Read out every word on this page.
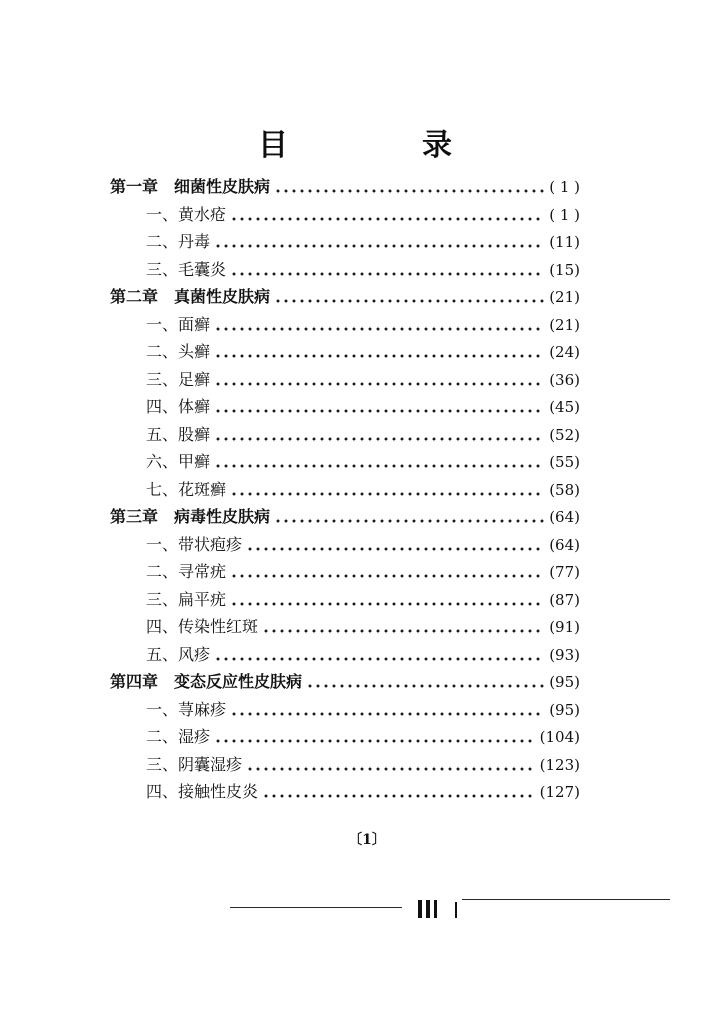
目　录
第一章　细菌性皮肤病	( 1 )
一、黄水疮	( 1 )
二、丹毒	(11)
三、毛囊炎	(15)
第二章　真菌性皮肤病	(21)
一、面癣	(21)
二、头癣	(24)
三、足癣	(36)
四、体癣	(45)
五、股癣	(52)
六、甲癣	(55)
七、花斑癣	(58)
第三章　病毒性皮肤病	(64)
一、带状疱疹	(64)
二、寻常疣	(77)
三、扁平疣	(87)
四、传染性红斑	(91)
五、风疹	(93)
第四章　变态反应性皮肤病	(95)
一、荨麻疹	(95)
二、湿疹	(104)
三、阴囊湿疹	(123)
四、接触性皮炎	(127)
〔1〕
